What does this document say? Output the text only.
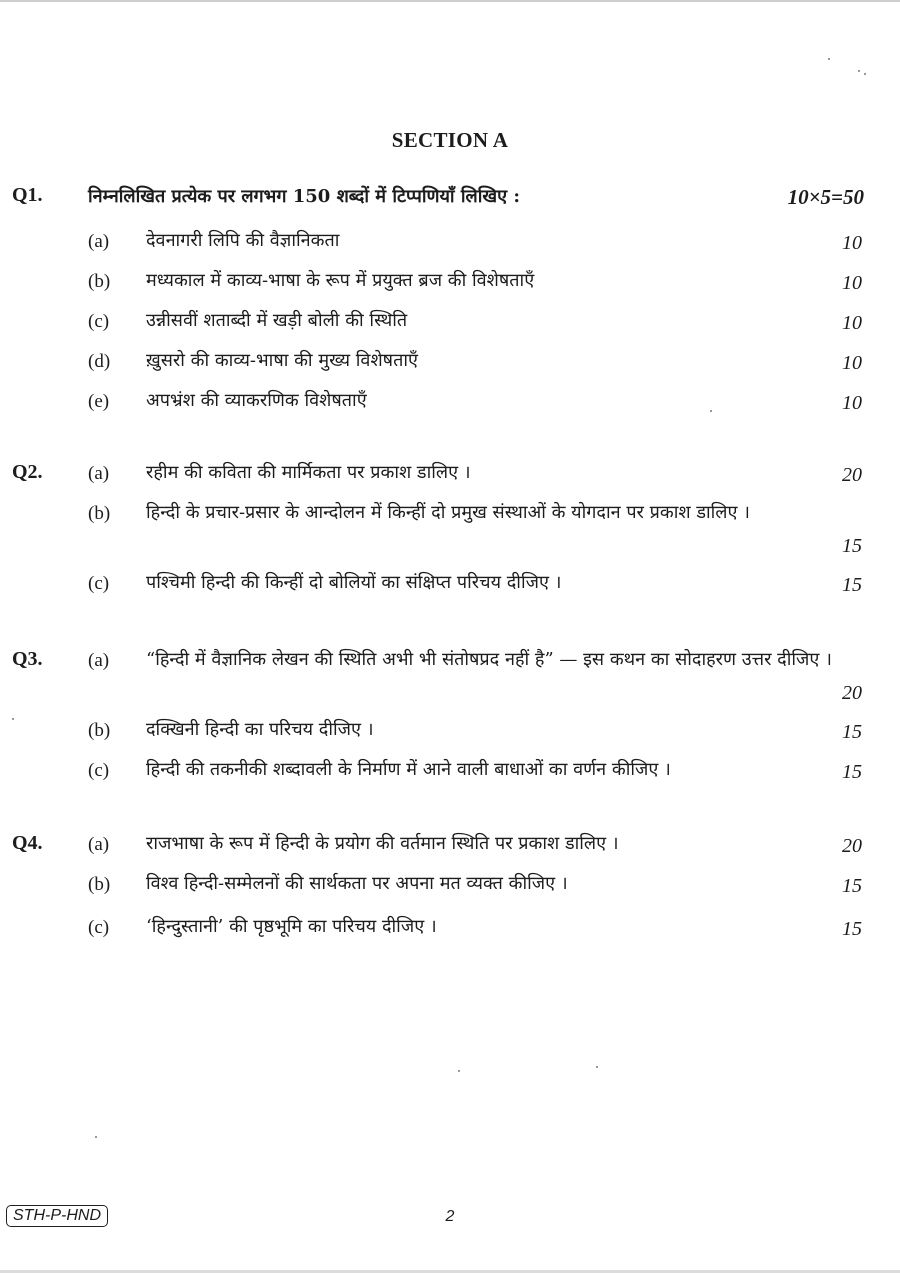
SECTION A
Q1.	निम्नलिखित प्रत्येक पर लगभग 150 शब्दों में टिप्पणियाँ लिखिए :	10×5=50
(a) देवनागरी लिपि की वैज्ञानिकता	10
(b) मध्यकाल में काव्य-भाषा के रूप में प्रयुक्त ब्रज की विशेषताएँ	10
(c) उन्नीसवीं शताब्दी में खड़ी बोली की स्थिति	10
(d) ख़ुसरो की काव्य-भाषा की मुख्य विशेषताएँ	10
(e) अपभ्रंश की व्याकरणिक विशेषताएँ	10
Q2. (a) रहीम की कविता की मार्मिकता पर प्रकाश डालिए ।	20
(b) हिन्दी के प्रचार-प्रसार के आन्दोलन में किन्हीं दो प्रमुख संस्थाओं के योगदान पर प्रकाश डालिए ।
15
(c) पश्चिमी हिन्दी की किन्हीं दो बोलियों का संक्षिप्त परिचय दीजिए ।	15
Q3. (a) “हिन्दी में वैज्ञानिक लेखन की स्थिति अभी भी संतोषप्रद नहीं है” — इस कथन का सोदाहरण उत्तर दीजिए ।
20
(b) दक्खिनी हिन्दी का परिचय दीजिए ।	15
(c) हिन्दी की तकनीकी शब्दावली के निर्माण में आने वाली बाधाओं का वर्णन कीजिए ।	15
Q4. (a) राजभाषा के रूप में हिन्दी के प्रयोग की वर्तमान स्थिति पर प्रकाश डालिए ।	20
(b) विश्व हिन्दी-सम्मेलनों की सार्थकता पर अपना मत व्यक्त कीजिए ।	15
(c) ‘हिन्दुस्तानी’ की पृष्ठभूमि का परिचय दीजिए ।	15
STH-P-HND	2
